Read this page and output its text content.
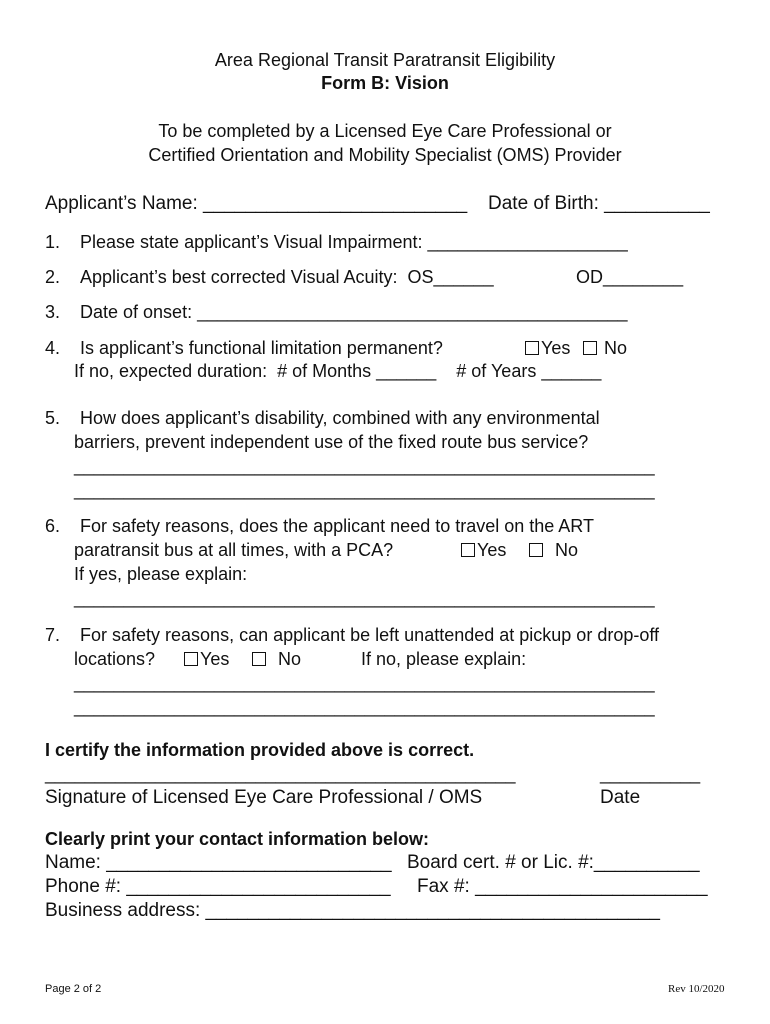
Area Regional Transit Paratransit Eligibility
Form B: Vision
To be completed by a Licensed Eye Care Professional or
Certified Orientation and Mobility Specialist (OMS) Provider
Applicant’s Name: _________________________ Date of Birth: __________
1. Please state applicant’s Visual Impairment: ____________________
2. Applicant’s best corrected Visual Acuity:  OS______	OD________
3. Date of onset: ___________________________________________
4. Is applicant’s functional limitation permanent?	Yes	No
If no, expected duration:  # of Months ______    # of Years ______
5. How does applicant’s disability, combined with any environmental
barriers, prevent independent use of the fixed route bus service?
__________________________________________________________
__________________________________________________________
6. For safety reasons, does the applicant need to travel on the ART
paratransit bus at all times, with a PCA?	Yes	No
If yes, please explain:
__________________________________________________________
7. For safety reasons, can applicant be left unattended at pickup or drop-off
locations?	Yes	No	If no, please explain:
__________________________________________________________
__________________________________________________________
I certify the information provided above is correct.
_______________________________________________	__________
Signature of Licensed Eye Care Professional / OMS	Date
Clearly print your contact information below:
Name: ___________________________ Board cert. # or Lic. #:__________
Phone #: _________________________ Fax #: ______________________
Business address: ___________________________________________
Page 2 of 2	Rev 10/2020
